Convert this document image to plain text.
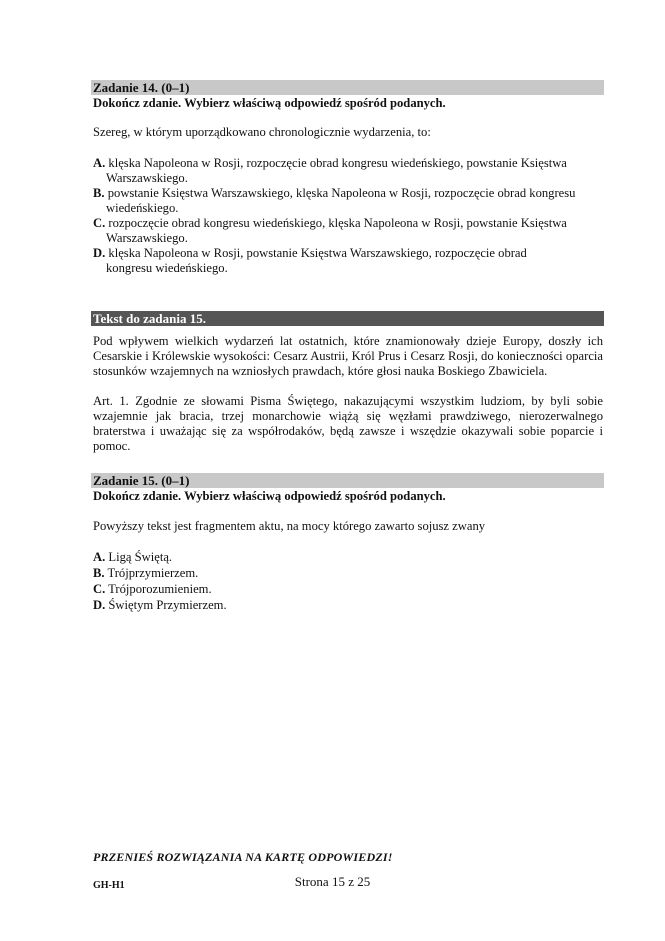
Zadanie 14. (0–1)
Dokończ zdanie. Wybierz właściwą odpowiedź spośród podanych.
Szereg, w którym uporządkowano chronologicznie wydarzenia, to:
A. klęska Napoleona w Rosji, rozpoczęcie obrad kongresu wiedeńskiego, powstanie Księstwa
Warszawskiego.
B. powstanie Księstwa Warszawskiego, klęska Napoleona w Rosji, rozpoczęcie obrad kongresu
wiedeńskiego.
C. rozpoczęcie obrad kongresu wiedeńskiego, klęska Napoleona w Rosji, powstanie Księstwa
Warszawskiego.
D. klęska Napoleona w Rosji, powstanie Księstwa Warszawskiego, rozpoczęcie obrad
kongresu wiedeńskiego.
Tekst do zadania 15.
Pod wpływem wielkich wydarzeń lat ostatnich, które znamionowały dzieje Europy, doszły ich Cesarskie i Królewskie wysokości: Cesarz Austrii, Król Prus i Cesarz Rosji, do konieczności oparcia stosunków wzajemnych na wzniosłych prawdach, które głosi nauka Boskiego Zbawiciela.
Art. 1. Zgodnie ze słowami Pisma Świętego, nakazującymi wszystkim ludziom, by byli sobie wzajemnie jak bracia, trzej monarchowie wiążą się węzłami prawdziwego, nierozerwalnego braterstwa i uważając się za współrodaków, będą zawsze i wszędzie okazywali sobie poparcie i pomoc.
Zadanie 15. (0–1)
Dokończ zdanie. Wybierz właściwą odpowiedź spośród podanych.
Powyższy tekst jest fragmentem aktu, na mocy którego zawarto sojusz zwany
A. Ligą Świętą.
B. Trójprzymierzem.
C. Trójporozumieniem.
D. Świętym Przymierzem.
PRZENIEŚ ROZWIĄZANIA NA KARTĘ ODPOWIEDZI!
GH-H1	Strona 15 z 25
